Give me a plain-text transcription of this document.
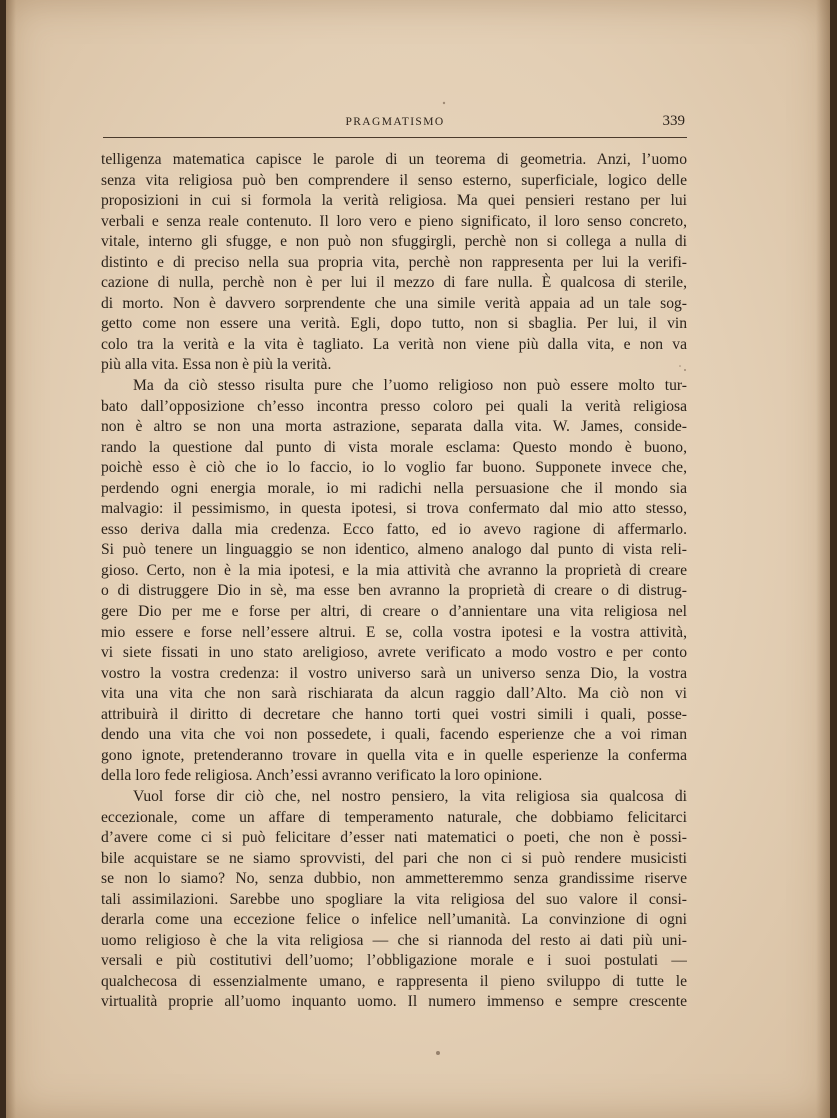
PRAGMATISMO	339
telligenza matematica capisce le parole di un teorema di geometria. Anzi, l’uomo
senza vita religiosa può ben comprendere il senso esterno, superficiale, logico delle
proposizioni in cui si formola la verità religiosa. Ma quei pensieri restano per lui
verbali e senza reale contenuto. Il loro vero e pieno significato, il loro senso concreto,
vitale, interno gli sfugge, e non può non sfuggirgli, perchè non si collega a nulla di
distinto e di preciso nella sua propria vita, perchè non rappresenta per lui la verifi-
cazione di nulla, perchè non è per lui il mezzo di fare nulla. È qualcosa di sterile,
di morto. Non è davvero sorprendente che una simile verità appaia ad un tale sog-
getto come non essere una verità. Egli, dopo tutto, non si sbaglia. Per lui, il vin
colo tra la verità e la vita è tagliato. La verità non viene più dalla vita, e non va
più alla vita. Essa non è più la verità.
Ma da ciò stesso risulta pure che l’uomo religioso non può essere molto tur-
bato dall’opposizione ch’esso incontra presso coloro pei quali la verità religiosa
non è altro se non una morta astrazione, separata dalla vita. W. James, conside-
rando la questione dal punto di vista morale esclama: Questo mondo è buono,
poichè esso è ciò che io lo faccio, io lo voglio far buono. Supponete invece che,
perdendo ogni energia morale, io mi radichi nella persuasione che il mondo sia
malvagio: il pessimismo, in questa ipotesi, si trova confermato dal mio atto stesso,
esso deriva dalla mia credenza. Ecco fatto, ed io avevo ragione di affermarlo.
Si può tenere un linguaggio se non identico, almeno analogo dal punto di vista reli-
gioso. Certo, non è la mia ipotesi, e la mia attività che avranno la proprietà di creare
o di distruggere Dio in sè, ma esse ben avranno la proprietà di creare o di distrug-
gere Dio per me e forse per altri, di creare o d’annientare una vita religiosa nel
mio essere e forse nell’essere altrui. E se, colla vostra ipotesi e la vostra attività,
vi siete fissati in uno stato areligioso, avrete verificato a modo vostro e per conto
vostro la vostra credenza: il vostro universo sarà un universo senza Dio, la vostra
vita una vita che non sarà rischiarata da alcun raggio dall’Alto. Ma ciò non vi
attribuirà il diritto di decretare che hanno torti quei vostri simili i quali, posse-
dendo una vita che voi non possedete, i quali, facendo esperienze che a voi riman
gono ignote, pretenderanno trovare in quella vita e in quelle esperienze la conferma
della loro fede religiosa. Anch’essi avranno verificato la loro opinione.
Vuol forse dir ciò che, nel nostro pensiero, la vita religiosa sia qualcosa di
eccezionale, come un affare di temperamento naturale, che dobbiamo felicitarci
d’avere come ci si può felicitare d’esser nati matematici o poeti, che non è possi-
bile acquistare se ne siamo sprovvisti, del pari che non ci si può rendere musicisti
se non lo siamo? No, senza dubbio, non ammetteremmo senza grandissime riserve
tali assimilazioni. Sarebbe uno spogliare la vita religiosa del suo valore il consi-
derarla come una eccezione felice o infelice nell’umanità. La convinzione di ogni
uomo religioso è che la vita religiosa — che si riannoda del resto ai dati più uni-
versali e più costitutivi dell’uomo; l’obbligazione morale e i suoi postulati —
qualchecosa di essenzialmente umano, e rappresenta il pieno sviluppo di tutte le
virtualità proprie all’uomo inquanto uomo. Il numero immenso e sempre crescente
